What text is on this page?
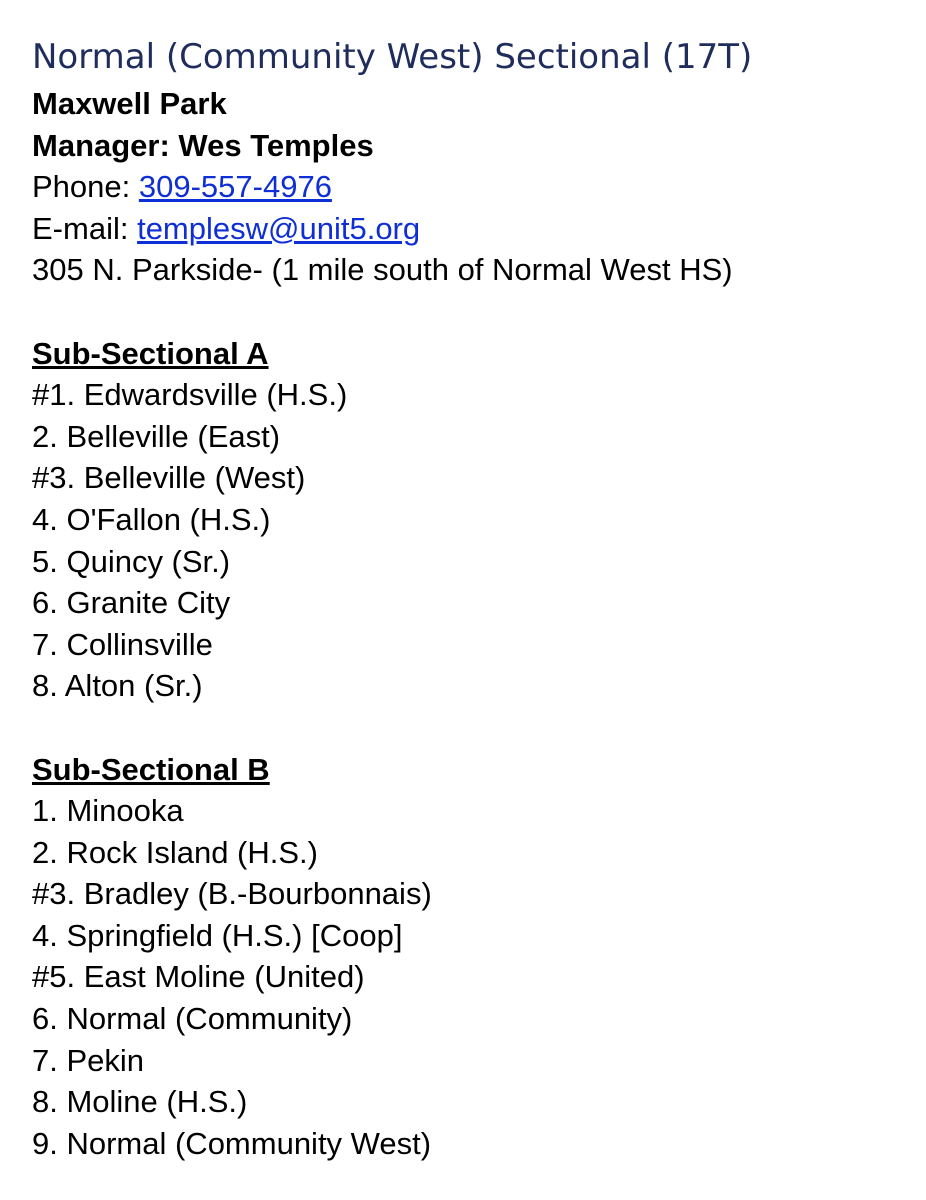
Normal (Community West) Sectional (17T)
Maxwell Park
Manager: Wes Temples
Phone: 309-557-4976
E-mail: templesw@unit5.org
305 N. Parkside- (1 mile south of Normal West HS)
Sub-Sectional A
#1. Edwardsville (H.S.)
2. Belleville (East)
#3. Belleville (West)
4. O'Fallon (H.S.)
5. Quincy (Sr.)
6. Granite City
7. Collinsville
8. Alton (Sr.)
Sub-Sectional B
1. Minooka
2. Rock Island (H.S.)
#3. Bradley (B.-Bourbonnais)
4. Springfield (H.S.) [Coop]
#5. East Moline (United)
6. Normal (Community)
7. Pekin
8. Moline (H.S.)
9. Normal (Community West)
